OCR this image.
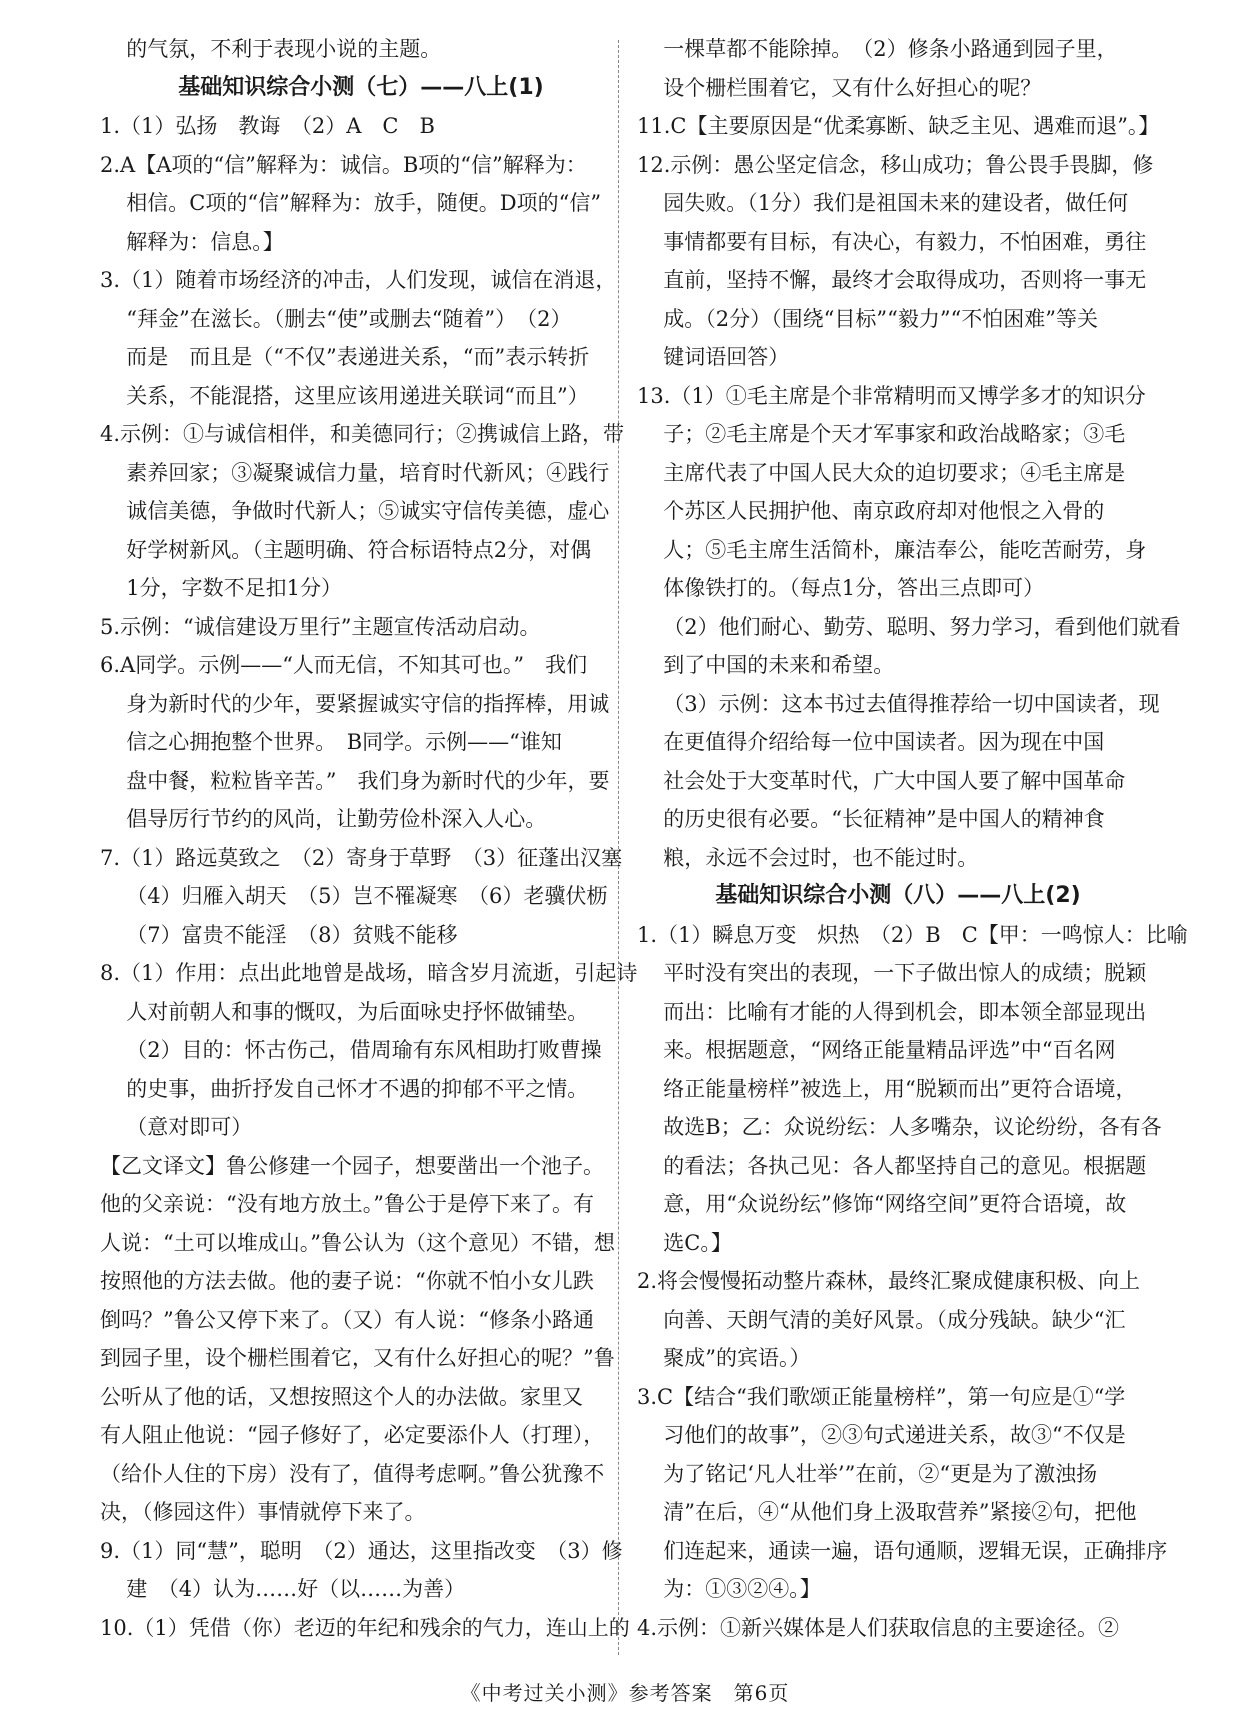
的气氛，不利于表现小说的主题。
基础知识综合小测（七）——八上(1)
1.（1）弘扬　教诲　（2）A　C　B
2.A【A项的“信”解释为：诚信。B项的“信”解释为：
相信。C项的“信”解释为：放手，随便。D项的“信”
解释为：信息。】
3.（1）随着市场经济的冲击，人们发现，诚信在消退，
“拜金”在滋长。（删去“使”或删去“随着”）　（2）
而是　而且是（“不仅”表递进关系，“而”表示转折
关系，不能混搭，这里应该用递进关联词“而且”）
4.示例：①与诚信相伴，和美德同行；②携诚信上路，带
素养回家；③凝聚诚信力量，培育时代新风；④践行
诚信美德，争做时代新人；⑤诚实守信传美德，虚心
好学树新风。（主题明确、符合标语特点2分，对偶
1分，字数不足扣1分）
5.示例：“诚信建设万里行”主题宣传活动启动。
6.A同学。示例——“人而无信，不知其可也。”　我们
身为新时代的少年，要紧握诚实守信的指挥棒，用诚
信之心拥抱整个世界。　B同学。示例——“谁知
盘中餐，粒粒皆辛苦。”　我们身为新时代的少年，要
倡导厉行节约的风尚，让勤劳俭朴深入人心。
7.（1）路远莫致之　（2）寄身于草野　（3）征蓬出汉塞
（4）归雁入胡天　（5）岂不罹凝寒　（6）老骥伏枥
（7）富贵不能淫　（8）贫贱不能移
8.（1）作用：点出此地曾是战场，暗含岁月流逝，引起诗
人对前朝人和事的慨叹，为后面咏史抒怀做铺垫。
（2）目的：怀古伤己，借周瑜有东风相助打败曹操
的史事，曲折抒发自己怀才不遇的抑郁不平之情。
（意对即可）
【乙文译文】鲁公修建一个园子，想要凿出一个池子。
他的父亲说：“没有地方放土。”鲁公于是停下来了。有
人说：“土可以堆成山。”鲁公认为（这个意见）不错，想
按照他的方法去做。他的妻子说：“你就不怕小女儿跌
倒吗？”鲁公又停下来了。（又）有人说：“修条小路通
到园子里，设个栅栏围着它，又有什么好担心的呢？”鲁
公听从了他的话，又想按照这个人的办法做。家里又
有人阻止他说：“园子修好了，必定要添仆人（打理），
（给仆人住的下房）没有了，值得考虑啊。”鲁公犹豫不
决，（修园这件）事情就停下来了。
9.（1）同“慧”，聪明　（2）通达，这里指改变　（3）修
建　（4）认为……好（以……为善）
10.（1）凭借（你）老迈的年纪和残余的气力，连山上的
一棵草都不能除掉。　（2）修条小路通到园子里，
设个栅栏围着它，又有什么好担心的呢？
11.C【主要原因是“优柔寡断、缺乏主见、遇难而退”。】
12.示例：愚公坚定信念，移山成功；鲁公畏手畏脚，修
园失败。（1分）我们是祖国未来的建设者，做任何
事情都要有目标，有决心，有毅力，不怕困难，勇往
直前，坚持不懈，最终才会取得成功，否则将一事无
成。（2分）（围绕“目标”“毅力”“不怕困难”等关
键词语回答）
13.（1）①毛主席是个非常精明而又博学多才的知识分
子；②毛主席是个天才军事家和政治战略家；③毛
主席代表了中国人民大众的迫切要求；④毛主席是
个苏区人民拥护他、南京政府却对他恨之入骨的
人；⑤毛主席生活简朴，廉洁奉公，能吃苦耐劳，身
体像铁打的。（每点1分，答出三点即可）
（2）他们耐心、勤劳、聪明、努力学习，看到他们就看
到了中国的未来和希望。
（3）示例：这本书过去值得推荐给一切中国读者，现
在更值得介绍给每一位中国读者。因为现在中国
社会处于大变革时代，广大中国人要了解中国革命
的历史很有必要。“长征精神”是中国人的精神食
粮，永远不会过时，也不能过时。
基础知识综合小测（八）——八上(2)
1.（1）瞬息万变　炽热　（2）B　C【甲：一鸣惊人：比喻
平时没有突出的表现，一下子做出惊人的成绩；脱颖
而出：比喻有才能的人得到机会，即本领全部显现出
来。根据题意，“网络正能量精品评选”中“百名网
络正能量榜样”被选上，用“脱颖而出”更符合语境，
故选B；乙：众说纷纭：人多嘴杂，议论纷纷，各有各
的看法；各执己见：各人都坚持自己的意见。根据题
意，用“众说纷纭”修饰“网络空间”更符合语境，故
选C。】
2.将会慢慢拓动整片森林，最终汇聚成健康积极、向上
向善、天朗气清的美好风景。（成分残缺。缺少“汇
聚成”的宾语。）
3.C【结合“我们歌颂正能量榜样”，第一句应是①“学
习他们的故事”，②③句式递进关系，故③“不仅是
为了铭记‘凡人壮举’”在前，②“更是为了激浊扬
清”在后，④“从他们身上汲取营养”紧接②句，把他
们连起来，通读一遍，语句通顺，逻辑无误，正确排序
为：①③②④。】
4.示例：①新兴媒体是人们获取信息的主要途径。②
《中考过关小测》参考答案　第6页
